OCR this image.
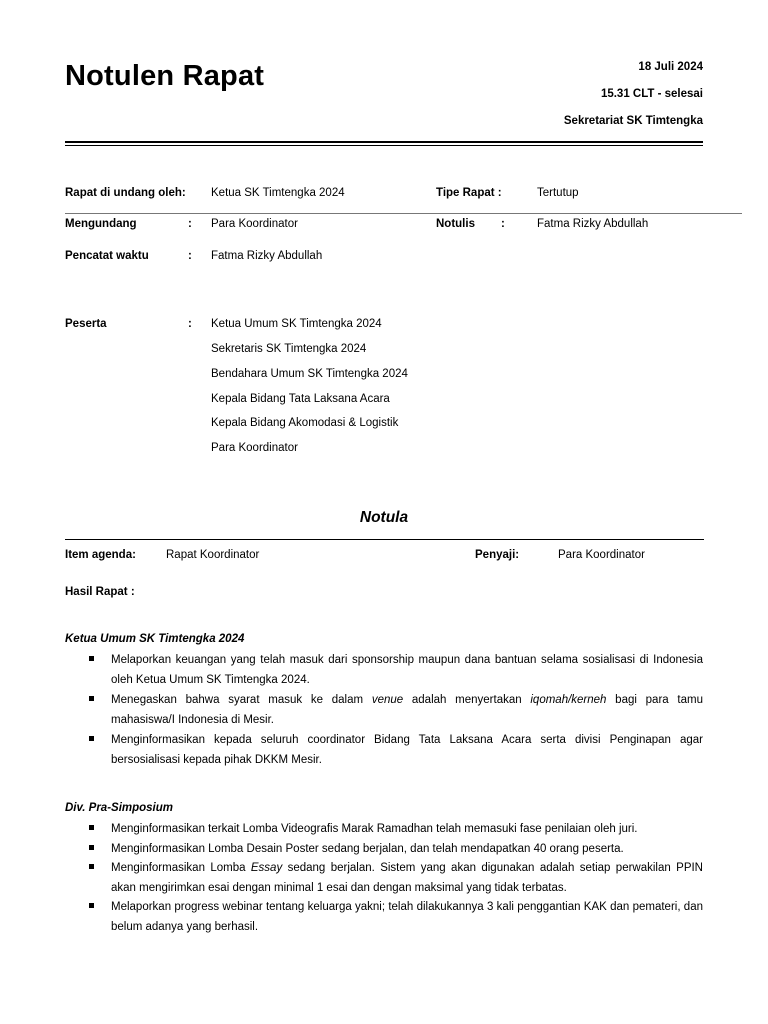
Notulen Rapat	18 Juli 2024
15.31 CLT - selesai
Sekretariat SK Timtengka
Rapat di undang oleh: Ketua SK Timtengka 2024	Tipe Rapat :	Tertutup
Mengundang	: Para Koordinator	Notulis :	Fatma Rizky Abdullah
Pencatat waktu	: Fatma Rizky Abdullah
Peserta	: Ketua Umum SK Timtengka 2024
Sekretaris SK Timtengka 2024
Bendahara Umum SK Timtengka 2024
Kepala Bidang Tata Laksana Acara
Kepala Bidang Akomodasi & Logistik
Para Koordinator
Notula
Item agenda:	Rapat Koordinator	Penyaji:	Para Koordinator
Hasil Rapat :
Ketua Umum SK Timtengka 2024
Melaporkan keuangan yang telah masuk dari sponsorship maupun dana bantuan selama sosialisasi di Indonesia oleh Ketua Umum SK Timtengka 2024.
Menegaskan bahwa syarat masuk ke dalam venue adalah menyertakan iqomah/kerneh bagi para tamu mahasiswa/I Indonesia di Mesir.
Menginformasikan kepada seluruh coordinator Bidang Tata Laksana Acara serta divisi Penginapan agar bersosialisasi kepada pihak DKKM Mesir.
Div. Pra-Simposium
Menginformasikan terkait Lomba Videografis Marak Ramadhan telah memasuki fase penilaian oleh juri.
Menginformasikan Lomba Desain Poster sedang berjalan, dan telah mendapatkan 40 orang peserta.
Menginformasikan Lomba Essay sedang berjalan. Sistem yang akan digunakan adalah setiap perwakilan PPIN akan mengirimkan esai dengan minimal 1 esai dan dengan maksimal yang tidak terbatas.
Melaporkan progress webinar tentang keluarga yakni; telah dilakukannya 3 kali penggantian KAK dan pemateri, dan belum adanya yang berhasil.
